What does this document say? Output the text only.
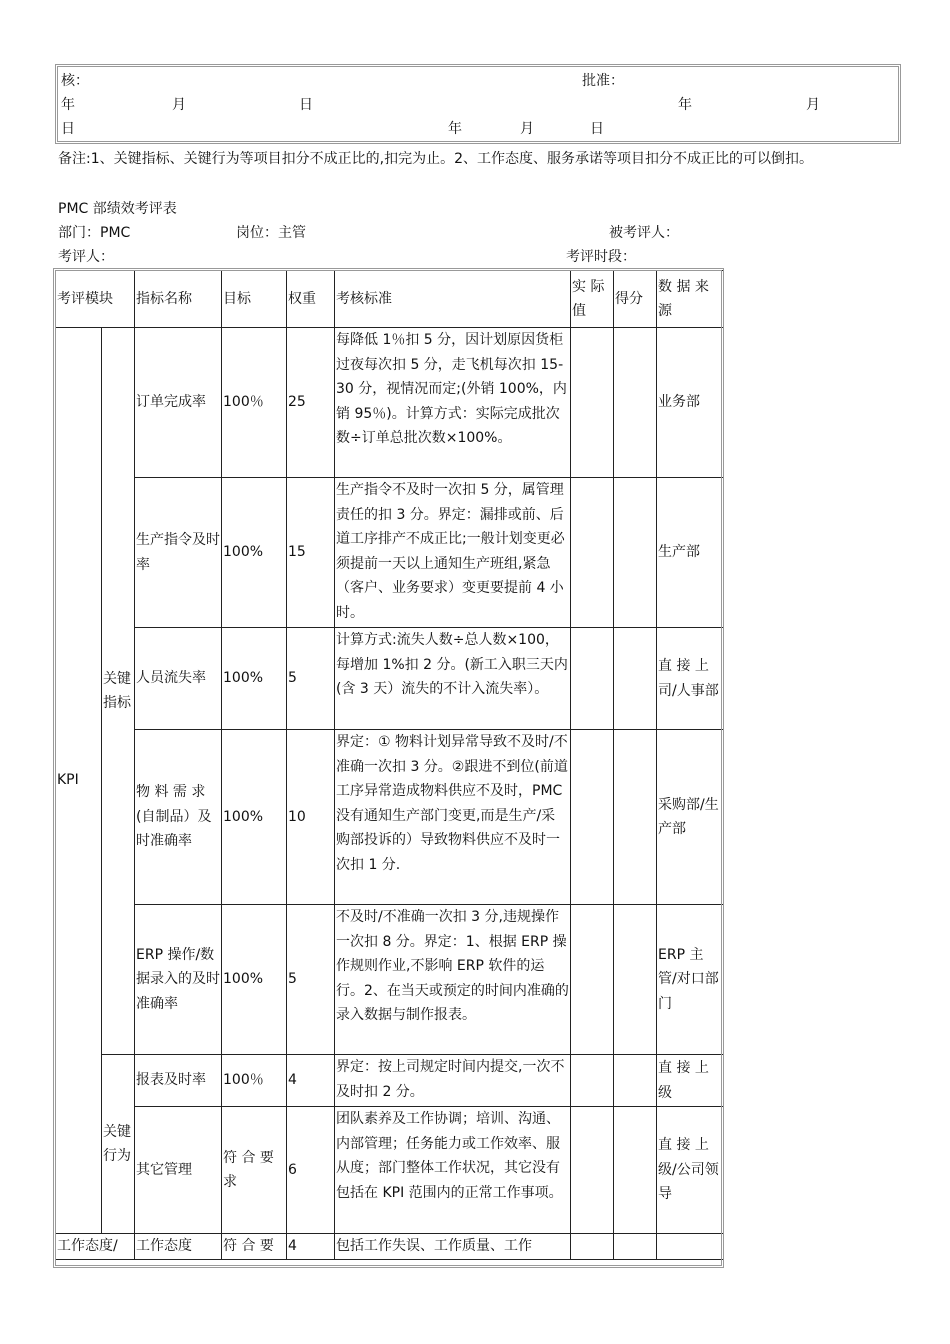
核：	批准：
年	月	日	年	月
日	年	月	日
备注:1、关键指标、关键行为等项目扣分不成正比的,扣完为止。2、工作态度、服务承诺等项目扣分不成正比的可以倒扣。
PMC 部绩效考评表
部门：PMC	岗位：主管	被考评人：
考评人：	考评时段：
考评模块		指标名称	目标	权重	考核标准	实 际值	得分	数 据 来源
KPI	关键指标	订单完成率	100％	25	每降低 1％扣 5 分，因计划原因货柜过夜每次扣 5 分，走飞机每次扣 15-30 分，视情况而定;(外销 100%，内销 95％)。计算方式：实际完成批次数÷订单总批次数×100%。			业务部
		生产指令及时率	100%	15	生产指令不及时一次扣 5 分，属管理责任的扣 3 分。界定：漏排或前、后道工序排产不成正比;一般计划变更必须提前一天以上通知生产班组,紧急（客户、业务要求）变更要提前 4 小时。			生产部
		人员流失率	100%	5	计算方式:流失人数÷总人数×100，每增加 1%扣 2 分。(新工入职三天内(含 3 天）流失的不计入流失率）。			直 接 上司/人事部
		物 料 需 求(自制品）及时准确率	100%	10	界定：① 物料计划异常导致不及时/不准确一次扣 3 分。②跟进不到位(前道工序异常造成物料供应不及时，PMC 没有通知生产部门变更,而是生产/采购部投诉的）导致物料供应不及时一次扣 1 分.			采购部/生产部
		ERP 操作/数据录入的及时准确率	100%	5	不及时/不准确一次扣 3 分,违规操作一次扣 8 分。界定：1、根据 ERP 操作规则作业,不影响 ERP 软件的运行。2、在当天或预定的时间内准确的录入数据与制作报表。			ERP 主管/对口部门
	关键行为	报表及时率	100％	4	界定：按上司规定时间内提交,一次不及时扣 2 分。			直 接 上级
		其它管理	符 合 要求	6	团队素养及工作协调；培训、沟通、内部管理；任务能力或工作效率、服从度；部门整体工作状况，其它没有包括在 KPI 范围内的正常工作事项。			直 接 上级/公司领导
工作态度/		工作态度	符 合 要	4	包括工作失误、工作质量、工作			
